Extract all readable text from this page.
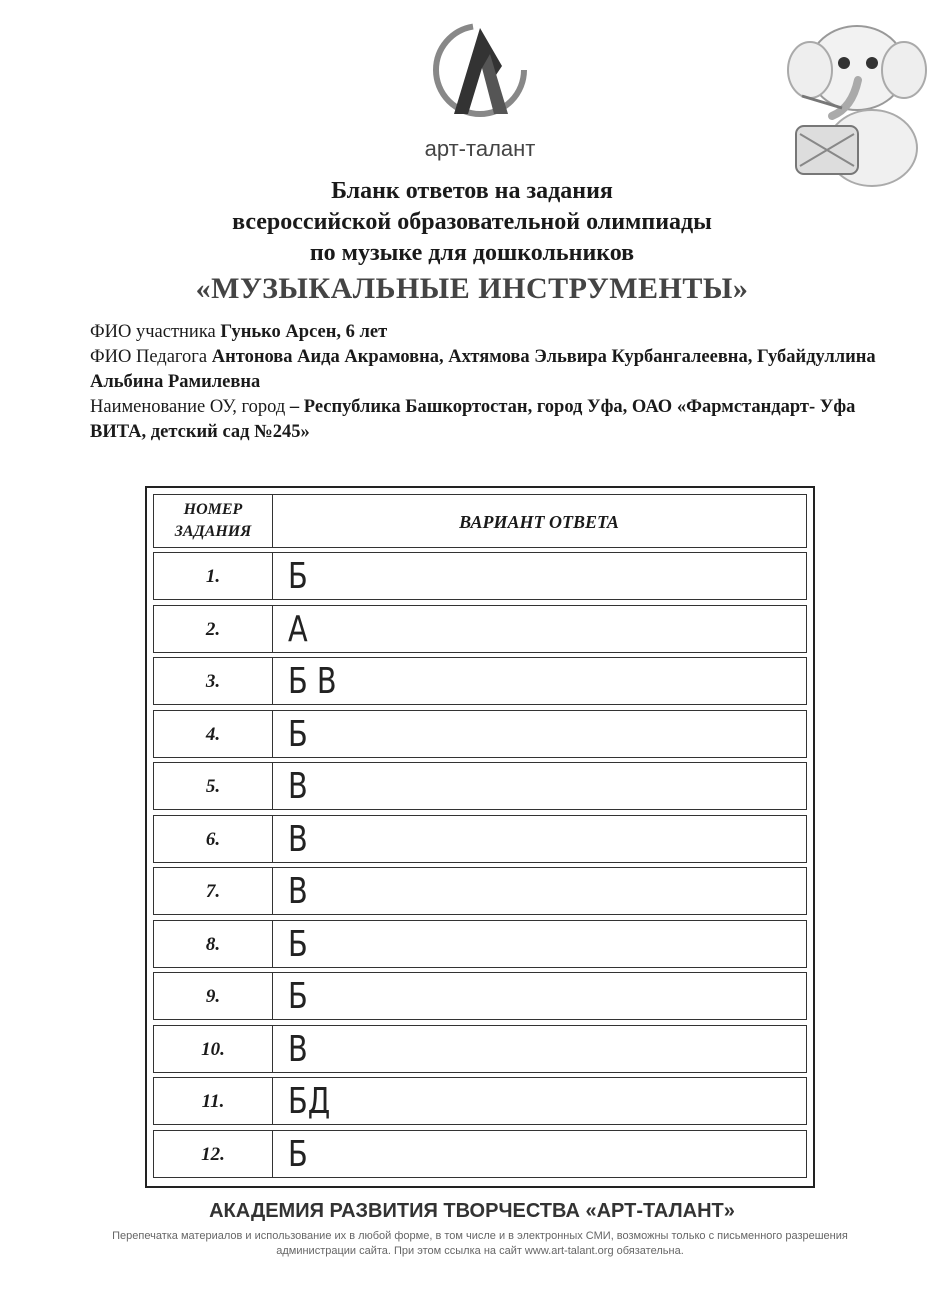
арт-талант
Бланк ответов на задания
всероссийской образовательной олимпиады
по музыке для дошкольников
«МУЗЫКАЛЬНЫЕ ИНСТРУМЕНТЫ»
ФИО участника Гунько Арсен, 6 лет
ФИО Педагога Антонова Аида Акрамовна, Ахтямова Эльвира Курбангалеевна, Губайдуллина Альбина Рамилевна
Наименование ОУ, город – Республика Башкортостан, город Уфа, ОАО «Фармстандарт- Уфа ВИТА, детский сад №245»
НОМЕР ЗАДАНИЯ	ВАРИАНТ ОТВЕТА
1.	Б
2.	А
3.	Б В
4.	Б
5.	В
6.	В
7.	В
8.	Б
9.	Б
10.	В
11.	БД
12.	Б
АКАДЕМИЯ РАЗВИТИЯ ТВОРЧЕСТВА «АРТ-ТАЛАНТ»
Перепечатка материалов и использование их в любой форме, в том числе и в электронных СМИ, возможны только с письменного разрешения администрации сайта. При этом ссылка на сайт www.art-talant.org обязательна.
